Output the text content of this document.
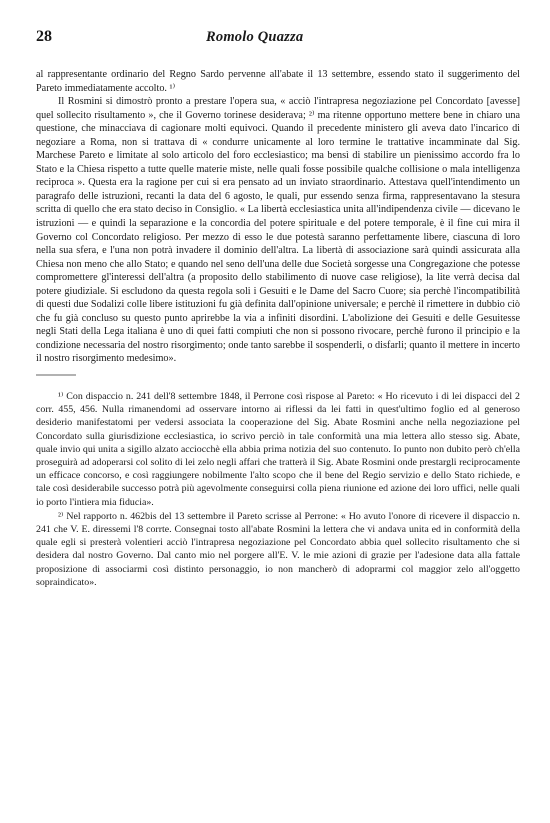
28	Romolo Quazza

al rappresentante ordinario del Regno Sardo pervenne all'abate il 13 settembre, essendo stato il suggerimento del Pareto immediatamente accolto. ¹⁾

Il Rosmini si dimostrò pronto a prestare l'opera sua, « acciò l'intrapresa negoziazione pel Concordato [avesse] quel sollecito risultamento », che il Governo torinese desiderava; ²⁾ ma ritenne opportuno mettere bene in chiaro una questione, che minacciava di cagionare molti equivoci. Quando il precedente ministero gli aveva dato l'incarico di negoziare a Roma, non si trattava di « condurre unicamente al loro termine le trattative incamminate dal Sig. Marchese Pareto e limitate al solo articolo del foro ecclesiastico; ma bensì di stabilire un pienissimo accordo fra lo Stato e la Chiesa rispetto a tutte quelle materie miste, nelle quali fosse possibile qualche collisione o mala intelligenza reciproca ». Questa era la ragione per cui si era pensato ad un inviato straordinario. Attestava quell'intendimento un paragrafo delle istruzioni, recanti la data del 6 agosto, le quali, pur essendo senza firma, rappresentavano la stesura scritta di quello che era stato deciso in Consiglio. « La libertà ecclesiastica unita all'indipendenza civile — dicevano le istruzioni — e quindi la separazione e la concordia del potere spirituale e del potere temporale, è il fine cui mira il Governo col Concordato religioso. Per mezzo di esso le due potestà saranno perfettamente libere, ciascuna di loro nella sua sfera, e l'una non potrà invadere il dominio dell'altra. La libertà di associazione sarà quindi assicurata alla Chiesa non meno che allo Stato; e quando nel seno dell'una delle due Società sorgesse una Congregazione che potesse compromettere gl'interessi dell'altra (a proposito dello stabilimento di nuove case religiose), la lite verrà decisa dal potere giudiziale. Si escludono da questa regola soli i Gesuiti e le Dame del Sacro Cuore; sia perchè l'incompatibilità di questi due Sodalizi colle libere istituzioni fu già definita dall'opinione universale; e perchè il rimettere in dubbio ciò che fu già concluso su questo punto aprirebbe la via a infiniti disordini. L'abolizione dei Gesuiti e delle Gesuitesse negli Stati della Lega italiana è uno di quei fatti compiuti che non si possono rivocare, perchè furono il principio e la condizione necessaria del nostro risorgimento; onde tanto sarebbe il sospenderli, o disfarli; quanto il mettere in incerto il nostro risorgimento medesimo».

¹⁾ Con dispaccio n. 241 dell'8 settembre 1848, il Perrone così rispose al Pareto: « Ho ricevuto i di lei dispacci del 2 corr. 455, 456. Nulla rimanendomi ad osservare intorno ai riflessi da lei fatti in quest'ultimo foglio ed al generoso desiderio manifestatomi per vedersi associata la cooperazione del Sig. Abate Rosmini anche nella negoziazione pel Concordato sulla giurisdizione ecclesiastica, io scrivo perciò in tale conformità una mia lettera allo stesso sig. Abate, quale invio qui unita a sigillo alzato acciocchè ella abbia prima notizia del suo contenuto. Io punto non dubito però ch'ella proseguirà ad adoperarsi col solito di lei zelo negli affari che tratterà il Sig. Abate Rosmini onde prestargli reciprocamente un efficace concorso, e così raggiungere nobilmente l'alto scopo che il bene del Regio servizio e dello Stato richiede, e tale così desiderabile successo potrà più agevolmente conseguirsi colla piena riunione ed azione dei loro uffici, nelle quali io porto l'intiera mia fiducia».

²⁾ Nel rapporto n. 462bis del 13 settembre il Pareto scrisse al Perrone: « Ho avuto l'onore di ricevere il dispaccio n. 241 che V. E. diressemi l'8 corrte. Consegnai tosto all'abate Rosmini la lettera che vi andava unita ed in conformità della quale egli si presterà volentieri acciò l'intrapresa negoziazione pel Concordato abbia quel sollecito risultamento che si desidera dal nostro Governo. Dal canto mio nel porgere all'E. V. le mie azioni di grazie per l'adesione data alla fattale proposizione di associarmi così distinto personaggio, io non mancherò di adoprarmi col maggior zelo all'oggetto sopraindicato».
